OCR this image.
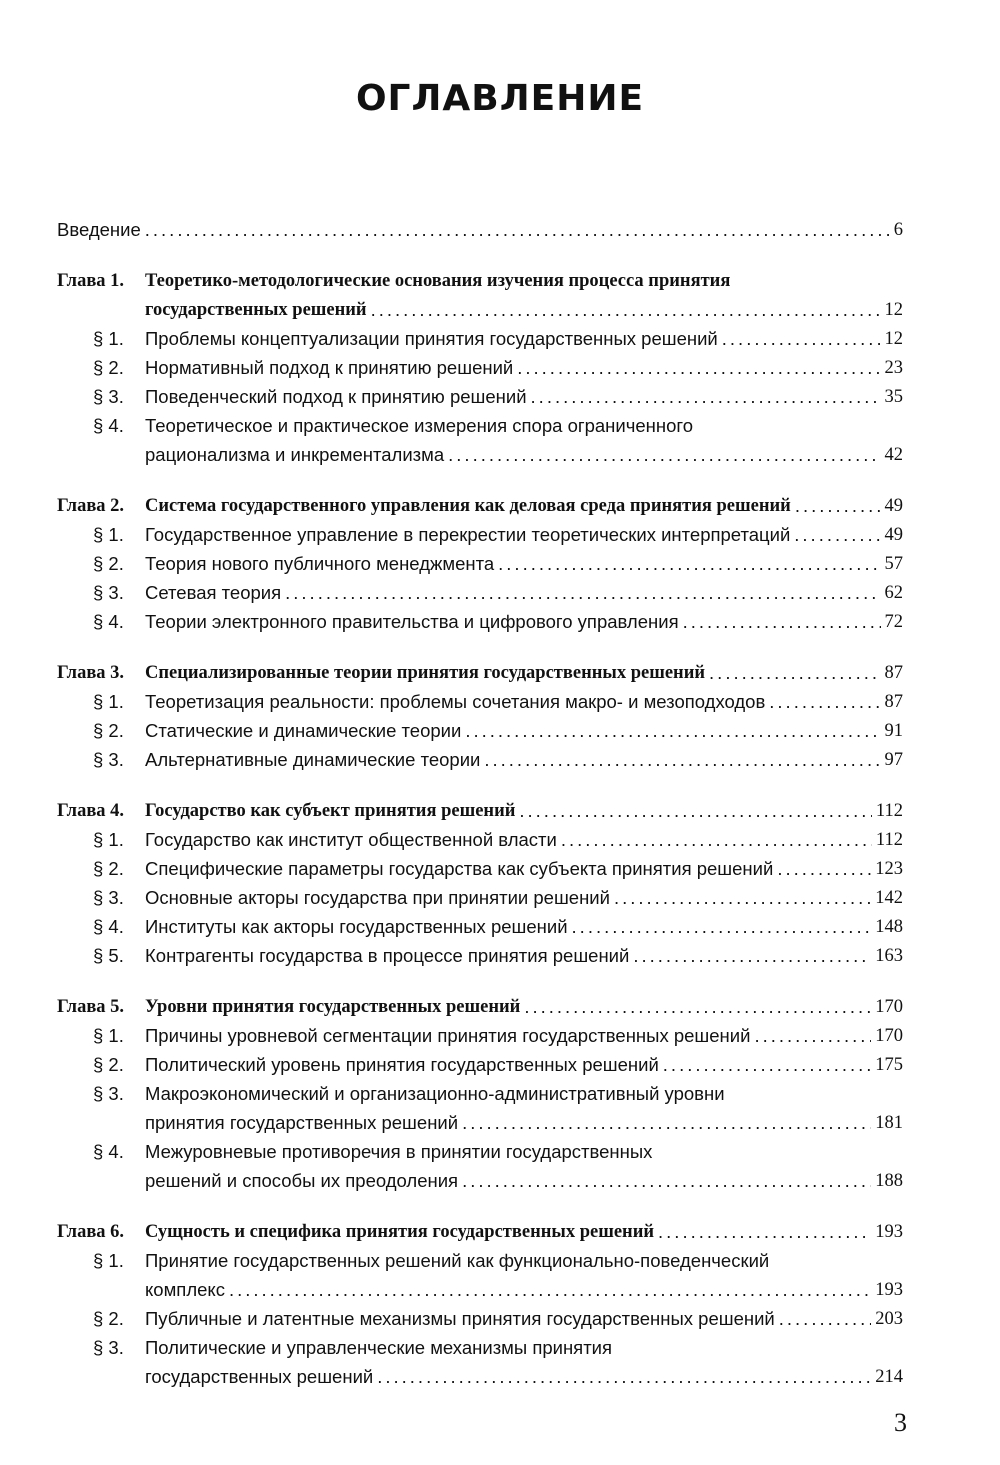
ОГЛАВЛЕНИЕ
Введение .....	6
Глава 1.	Теоретико-методологические основания изучения процесса принятия
государственных решений .....	12
§ 1.	Проблемы концептуализации принятия государственных решений .....	12
§ 2.	Нормативный подход к принятию решений .....	23
§ 3.	Поведенческий подход к принятию решений .....	35
§ 4.	Теоретическое и практическое измерения спора ограниченного
рационализма и инкрементализма .....	42
Глава 2.	Система государственного управления как деловая среда принятия решений .....	49
§ 1.	Государственное управление в перекрестии теоретических интерпретаций .....	49
§ 2.	Теория нового публичного менеджмента .....	57
§ 3.	Сетевая теория .....	62
§ 4.	Теории электронного правительства и цифрового управления .....	72
Глава 3.	Специализированные теории принятия государственных решений .....	87
§ 1.	Теоретизация реальности: проблемы сочетания макро- и мезоподходов .....	87
§ 2.	Статические и динамические теории .....	91
§ 3.	Альтернативные динамические теории .....	97
Глава 4.	Государство как субъект принятия решений .....	112
§ 1.	Государство как институт общественной власти .....	112
§ 2.	Специфические параметры государства как субъекта принятия решений .....	123
§ 3.	Основные акторы государства при принятии решений .....	142
§ 4.	Институты как акторы государственных решений .....	148
§ 5.	Контрагенты государства в процессе принятия решений .....	163
Глава 5.	Уровни принятия государственных решений .....	170
§ 1.	Причины уровневой сегментации принятия государственных решений .....	170
§ 2.	Политический уровень принятия государственных решений .....	175
§ 3.	Макроэкономический и организационно-административный уровни
принятия государственных решений .....	181
§ 4.	Межуровневые противоречия в принятии государственных
решений и способы их преодоления .....	188
Глава 6.	Сущность и специфика принятия государственных решений .....	193
§ 1.	Принятие государственных решений как функционально-поведенческий
комплекс .....	193
§ 2.	Публичные и латентные механизмы принятия государственных решений .....	203
§ 3.	Политические и управленческие механизмы принятия
государственных решений .....	214
3
